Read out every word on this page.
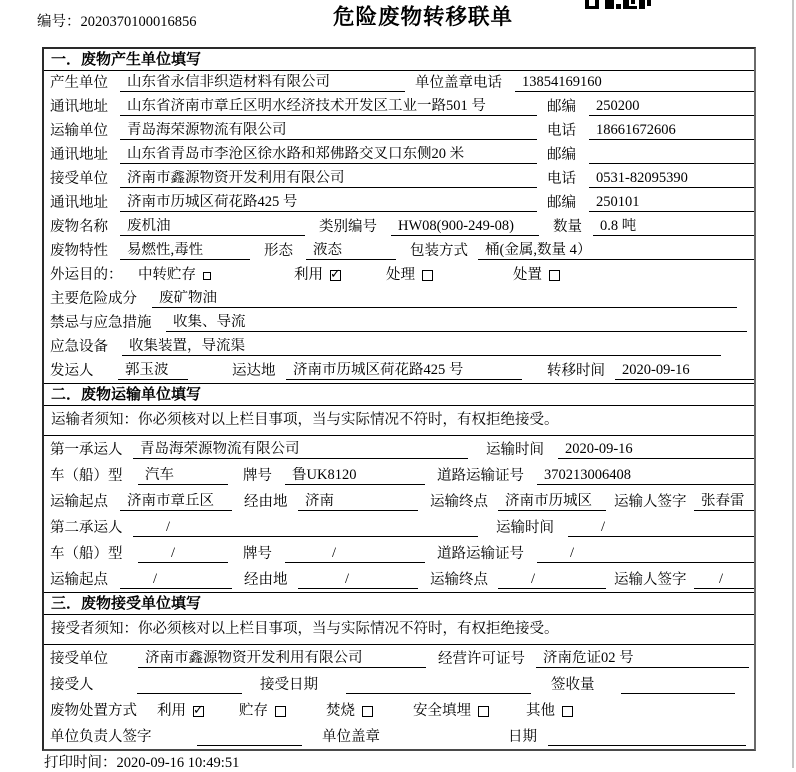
编号：2020370100016856	危险废物转移联单
一．废物产生单位填写
产生单位	山东省永信非织造材料有限公司	单位盖章 电话	13854169160
通讯地址	山东省济南市章丘区明水经济技术开发区工业一路501 号	邮编	250200
运输单位	青岛海荣源物流有限公司	电话	18661672606
通讯地址	山东省青岛市李沧区徐水路和郑佛路交叉口东侧20 米	邮编
接受单位	济南市鑫源物资开发利用有限公司	电话	0531-82095390
通讯地址	济南市历城区荷花路425 号	邮编	250101
废物名称	废机油	类别编号	HW08(900-249-08)	数量	0.8 吨
废物特性	易燃性,毒性	形态	液态	包装方式	桶(金属,数量 4）
外运目的：	中转贮存	利用 ✓	处理	处置
主要危险成分	废矿物油
禁忌与应急措施	收集、导流
应急设备	收集装置，导流渠
发运人	郭玉波	运达地	济南市历城区荷花路425 号	转移时间	2020-09-16
二．废物运输单位填写
运输者须知：你必须核对以上栏目事项，当与实际情况不符时，有权拒绝接受。
第一承运人	青岛海荣源物流有限公司	运输时间	2020-09-16
车（船）型	汽车	牌号	鲁UK8120	道路运输证号	370213006408
运输起点	济南市章丘区	经由地	济南	运输终点	济南市历城区	运输人签字	张春雷
第二承运人	/	运输时间	/
车（船）型	/	牌号	/	道路运输证号	/
运输起点	/	经由地	/	运输终点	/	运输人签字	/
三．废物接受单位填写
接受者须知：你必须核对以上栏目事项，当与实际情况不符时，有权拒绝接受。
接受单位	济南市鑫源物资开发利用有限公司	经营许可证号	济南危证02 号
接受人	接受日期	签收量
废物处置方式 利用 ✓	贮存	焚烧	安全填埋	其他
单位负责人签字	单位盖章	日期
打印时间：2020-09-16 10:49:51
